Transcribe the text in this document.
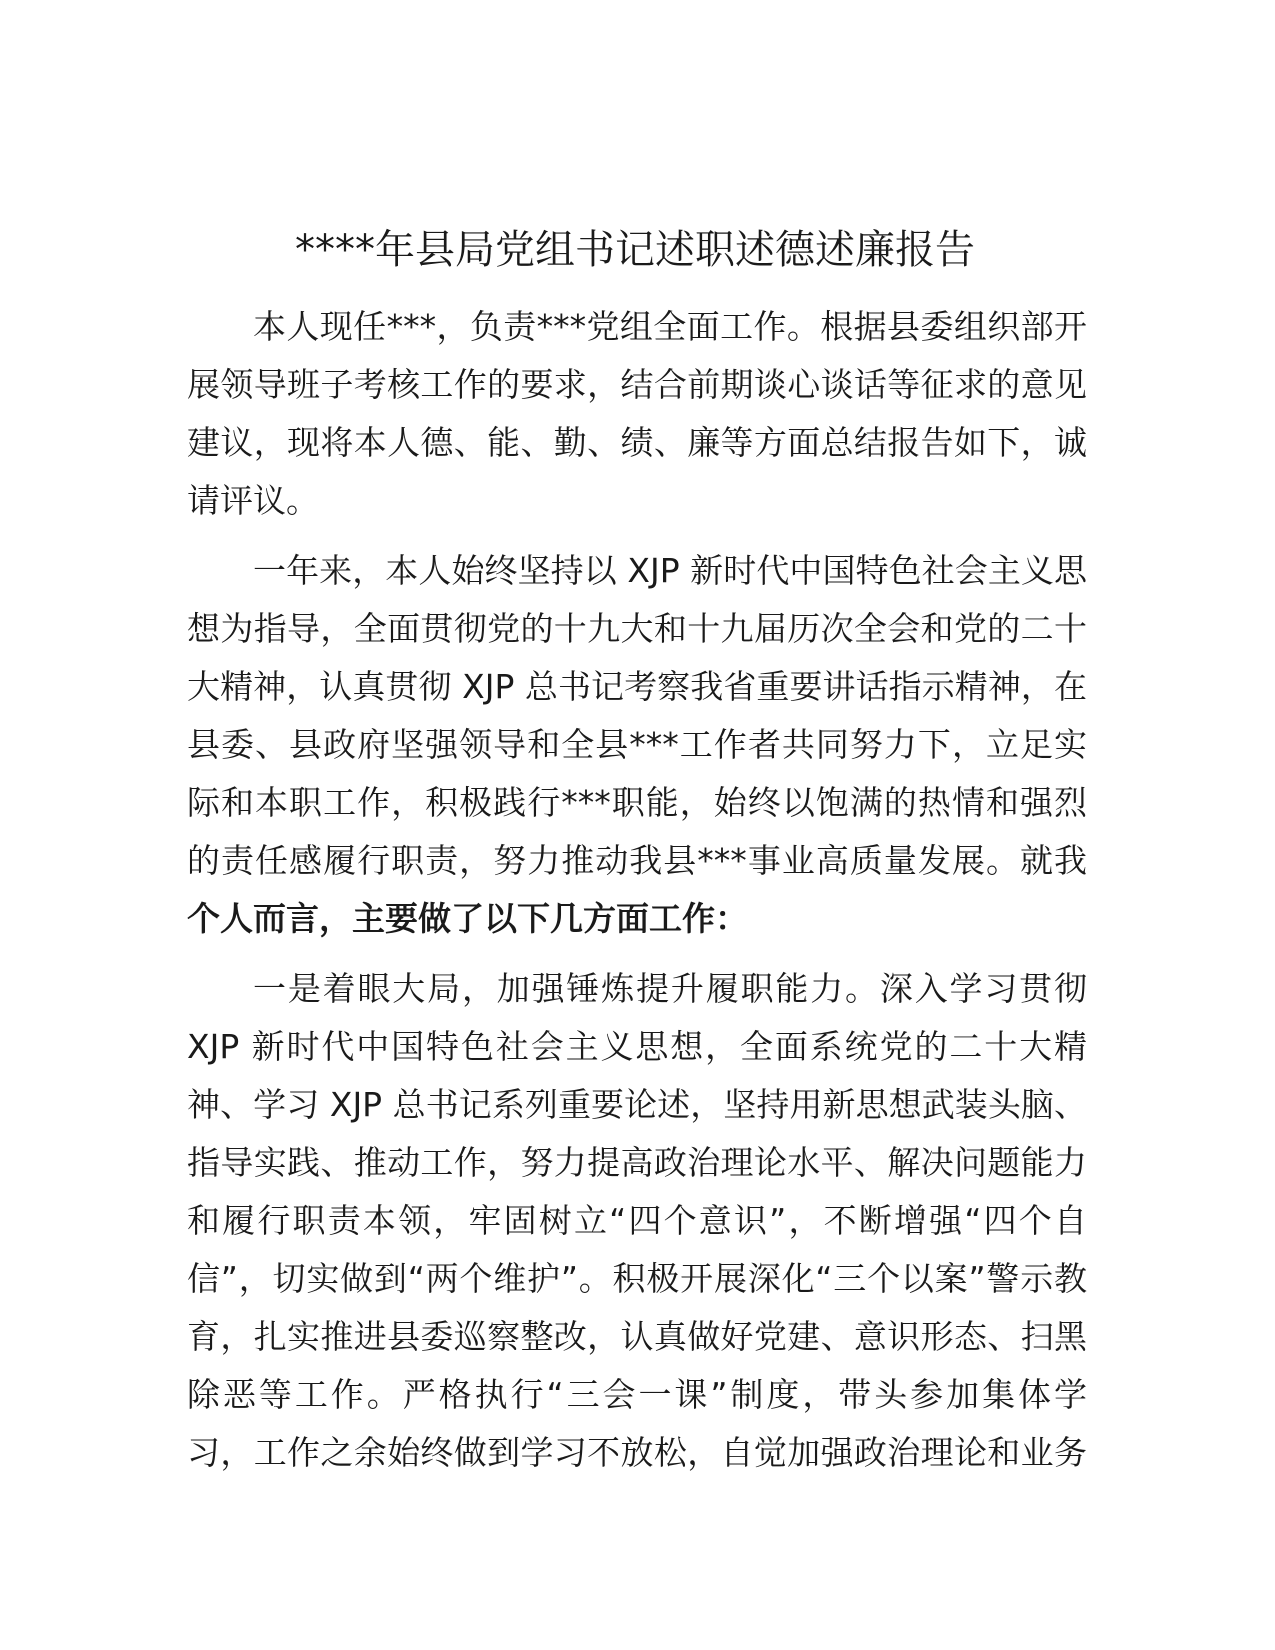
****年县局党组书记述职述德述廉报告
本人现任***，负责***党组全面工作。根据县委组织部开
展领导班子考核工作的要求，结合前期谈心谈话等征求的意见
建议，现将本人德、能、勤、绩、廉等方面总结报告如下，诚
请评议。
一年来，本人始终坚持以 XJP 新时代中国特色社会主义思
想为指导，全面贯彻党的十九大和十九届历次全会和党的二十
大精神，认真贯彻 XJP 总书记考察我省重要讲话指示精神，在
县委、县政府坚强领导和全县***工作者共同努力下，立足实
际和本职工作，积极践行***职能，始终以饱满的热情和强烈
的责任感履行职责，努力推动我县***事业高质量发展。就我
个人而言，主要做了以下几方面工作：
一是着眼大局，加强锤炼提升履职能力。深入学习贯彻
XJP 新时代中国特色社会主义思想，全面系统党的二十大精
神、学习 XJP 总书记系列重要论述，坚持用新思想武装头脑、
指导实践、推动工作，努力提高政治理论水平、解决问题能力
和履行职责本领，牢固树立“四个意识”，不断增强“四个自
信”，切实做到“两个维护”。积极开展深化“三个以案”警示教
育，扎实推进县委巡察整改，认真做好党建、意识形态、扫黑
除恶等工作。严格执行“三会一课”制度，带头参加集体学
习，工作之余始终做到学习不放松，自觉加强政治理论和业务
